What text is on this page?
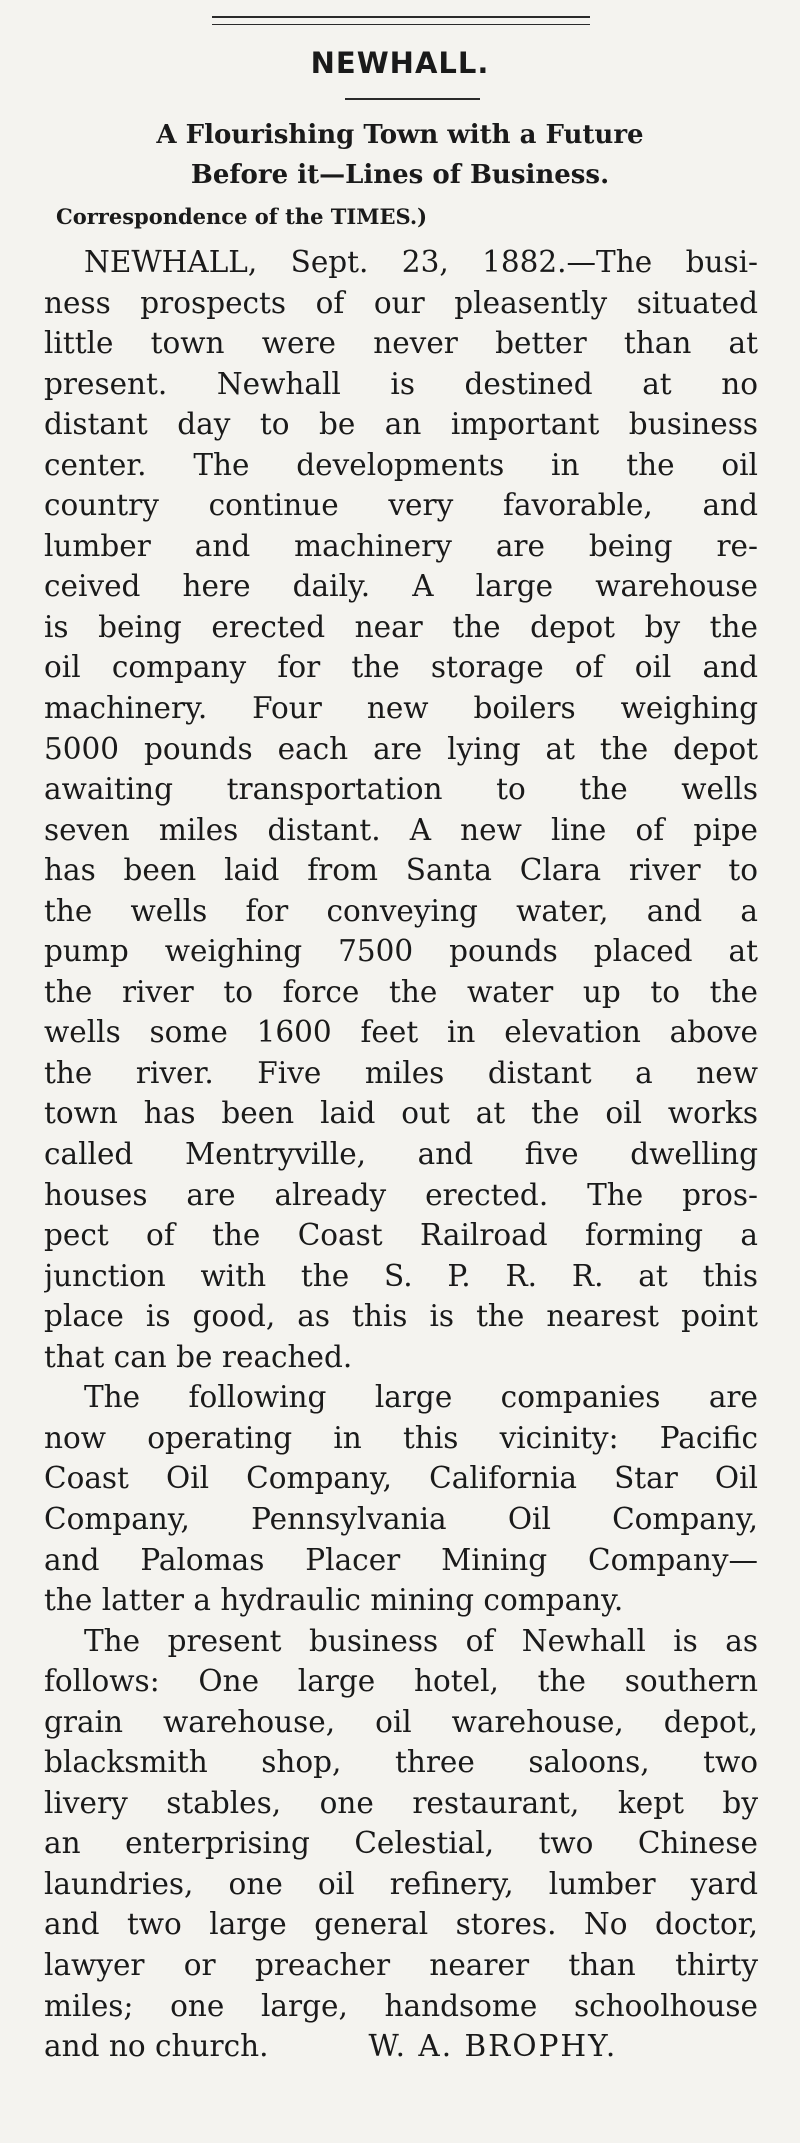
NEWHALL.
A Flourishing Town with a Future
Before it—Lines of Business.
Correspondence of the TIMES.)
NEWHALL, Sept. 23, 1882.—The busi-
ness prospects of our pleasently situated
little town were never better than at
present. Newhall is destined at no
distant day to be an important business
center. The developments in the oil
country continue very favorable, and
lumber and machinery are being re-
ceived here daily. A large warehouse
is being erected near the depot by the
oil company for the storage of oil and
machinery. Four new boilers weighing
5000 pounds each are lying at the depot
awaiting transportation to the wells
seven miles distant. A new line of pipe
has been laid from Santa Clara river to
the wells for conveying water, and a
pump weighing 7500 pounds placed at
the river to force the water up to the
wells some 1600 feet in elevation above
the river. Five miles distant a new
town has been laid out at the oil works
called Mentryville, and five dwelling
houses are already erected. The pros-
pect of the Coast Railroad forming a
junction with the S. P. R. R. at this
place is good, as this is the nearest point
that can be reached.
The following large companies are
now operating in this vicinity: Pacific
Coast Oil Company, California Star Oil
Company, Pennsylvania Oil Company,
and Palomas Placer Mining Company—
the latter a hydraulic mining company.
The present business of Newhall is as
follows: One large hotel, the southern
grain warehouse, oil warehouse, depot,
blacksmith shop, three saloons, two
livery stables, one restaurant, kept by
an enterprising Celestial, two Chinese
laundries, one oil refinery, lumber yard
and two large general stores. No doctor,
lawyer or preacher nearer than thirty
miles; one large, handsome schoolhouse
and no church.	W. A. BROPHY.
